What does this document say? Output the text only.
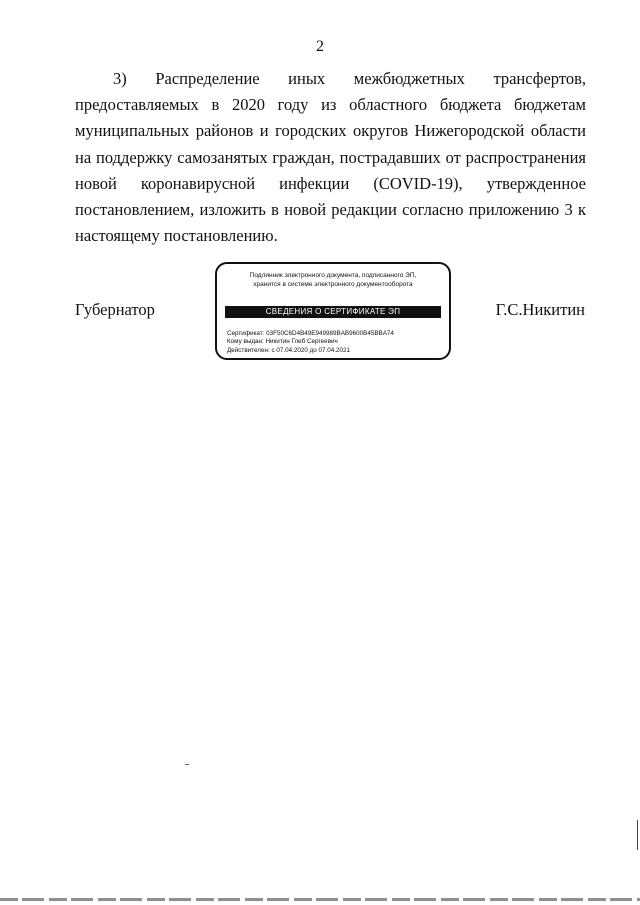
2
3) Распределение иных межбюджетных трансфертов,
предоставляемых в 2020 году из областного бюджета бюджетам
муниципальных районов и городских округов Нижегородской области
на поддержку самозанятых граждан, пострадавших от распространения
новой коронавирусной инфекции (COVID-19), утвержденное
постановлением, изложить в новой редакции согласно приложению 3 к
настоящему постановлению.
Губернатор
Подлинник электронного документа, подписанного ЭП,
хранится в системе электронного документооборота
СВЕДЕНИЯ О СЕРТИФИКАТЕ ЭП
Сертификат: 03F50C6D4B49E949989BAB9600B45BBA74
Кому выдан: Никитин Глеб Сергеевич
Действителен: с 07.04.2020 до 07.04.2021
Г.С.Никитин
